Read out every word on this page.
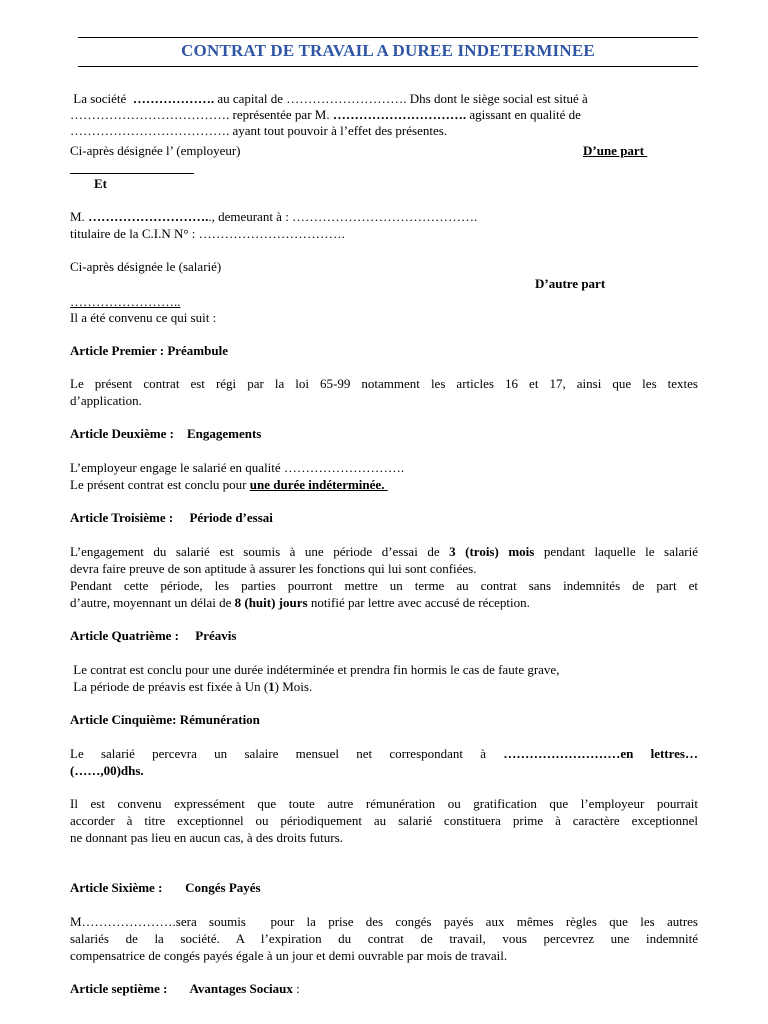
CONTRAT DE TRAVAIL A DUREE INDETERMINEE
La société  ………………. au capital de ………………………. Dhs dont le siège social est situé à
………………………………. représentée par M. …………………………. agissant en qualité de
………………………………. ayant tout pouvoir à l’effet des présentes.
Ci-après désignée l’ (employeur)	D’une part
Et
M. ……………………….., demeurant à : …………………………………….
titulaire de la C.I.N N° : …………………………….
Ci-après désignée le (salarié)
D’autre part
……………………..
Il a été convenu ce qui suit :
Article Premier : Préambule
Le présent contrat est régi par la loi 65-99 notamment les articles 16 et 17, ainsi que les textes
d’application.
Article Deuxième :    Engagements
L’employeur engage le salarié en qualité ……………………….
Le présent contrat est conclu pour une durée indéterminée.
Article Troisième :     Période d’essai
L’engagement du salarié est soumis à une période d’essai de 3 (trois) mois pendant laquelle le salarié
devra faire preuve de son aptitude à assurer les fonctions qui lui sont confiées.
Pendant cette période, les parties pourront mettre un terme au contrat sans indemnités de part et
d’autre, moyennant un délai de 8 (huit) jours notifié par lettre avec accusé de réception.
Article Quatrième :     Préavis
Le contrat est conclu pour une durée indéterminée et prendra fin hormis le cas de faute grave,
La période de préavis est fixée à Un (1) Mois.
Article Cinquième: Rémunération
Le salarié percevra un salaire mensuel net correspondant à ………………………en lettres…
(……,00)dhs.
Il est convenu expressément que toute autre rémunération ou gratification que l’employeur pourrait
accorder à titre exceptionnel ou périodiquement au salarié constituera prime à caractère exceptionnel
ne donnant pas lieu en aucun cas, à des droits futurs.
Article Sixième :       Congés Payés
M………………….sera soumis  pour la prise des congés payés aux mêmes règles que les autres
salariés de la société. A l’expiration du contrat de travail, vous percevrez une indemnité
compensatrice de congés payés égale à un jour et demi ouvrable par mois de travail.
Article septième :       Avantages Sociaux :
